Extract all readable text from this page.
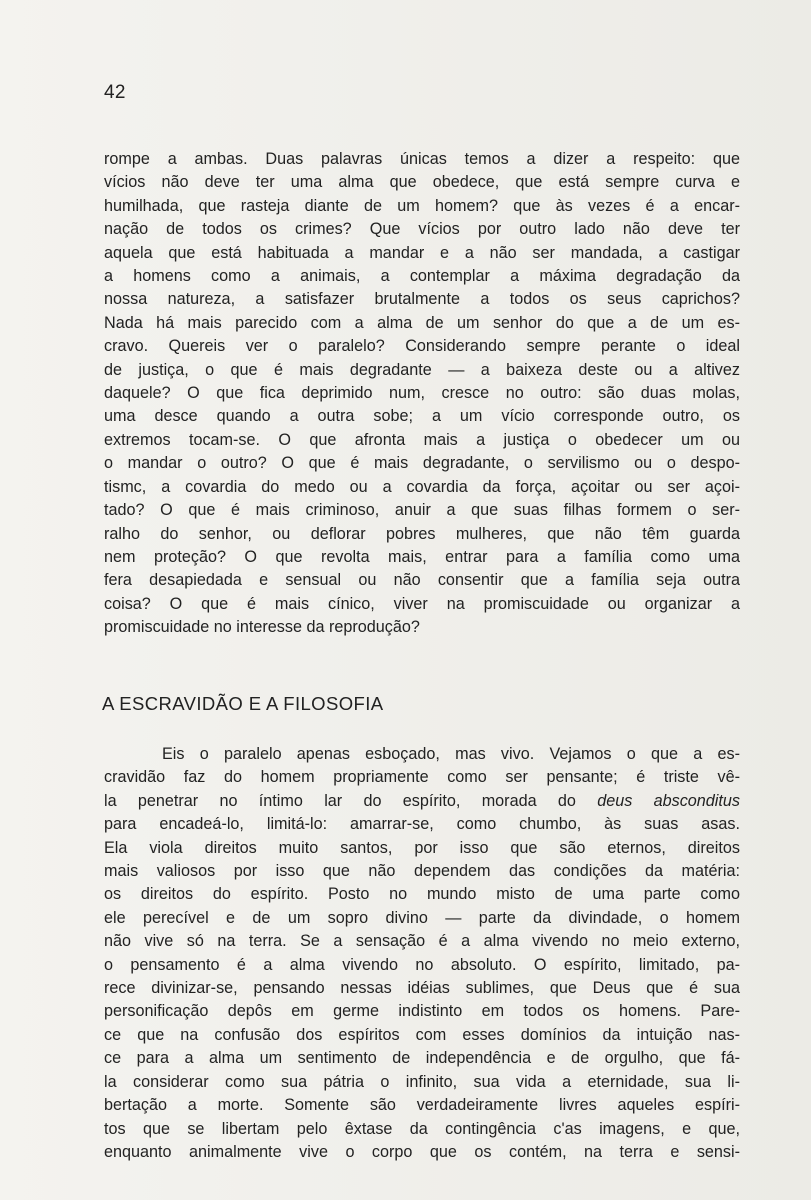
42
rompe a ambas. Duas palavras únicas temos a dizer a respeito: que
vícios não deve ter uma alma que obedece, que está sempre curva e
humilhada, que rasteja diante de um homem? que às vezes é a encar-
nação de todos os crimes? Que vícios por outro lado não deve ter
aquela que está habituada a mandar e a não ser mandada, a castigar
a homens como a animais, a contemplar a máxima degradação da
nossa natureza, a satisfazer brutalmente a todos os seus caprichos?
Nada há mais parecido com a alma de um senhor do que a de um es-
cravo. Quereis ver o paralelo? Considerando sempre perante o ideal
de justiça, o que é mais degradante — a baixeza deste ou a altivez
daquele? O que fica deprimido num, cresce no outro: são duas molas,
uma desce quando a outra sobe; a um vício corresponde outro, os
extremos tocam-se. O que afronta mais a justiça o obedecer um ou
o mandar o outro? O que é mais degradante, o servilismo ou o despo-
tismc, a covardia do medo ou a covardia da força, açoitar ou ser açoi-
tado? O que é mais criminoso, anuir a que suas filhas formem o ser-
ralho do senhor, ou deflorar pobres mulheres, que não têm guarda
nem proteção? O que revolta mais, entrar para a família como uma
fera desapiedada e sensual ou não consentir que a família seja outra
coisa? O que é mais cínico, viver na promiscuidade ou organizar a
promiscuidade no interesse da reprodução?
A ESCRAVIDÃO E A FILOSOFIA
Eis o paralelo apenas esboçado, mas vivo. Vejamos o que a es-
cravidão faz do homem propriamente como ser pensante; é triste vê-
la penetrar no íntimo lar do espírito, morada do deus absconditus
para encadeá-lo, limitá-lo: amarrar-se, como chumbo, às suas asas.
Ela viola direitos muito santos, por isso que são eternos, direitos
mais valiosos por isso que não dependem das condições da matéria:
os direitos do espírito. Posto no mundo misto de uma parte como
ele perecível e de um sopro divino — parte da divindade, o homem
não vive só na terra. Se a sensação é a alma vivendo no meio externo,
o pensamento é a alma vivendo no absoluto. O espírito, limitado, pa-
rece divinizar-se, pensando nessas idéias sublimes, que Deus que é sua
personificação depôs em germe indistinto em todos os homens. Pare-
ce que na confusão dos espíritos com esses domínios da intuição nas-
ce para a alma um sentimento de independência e de orgulho, que fá-
la considerar como sua pátria o infinito, sua vida a eternidade, sua li-
bertação a morte. Somente são verdadeiramente livres aqueles espíri-
tos que se libertam pelo êxtase da contingência c'as imagens, e que,
enquanto animalmente vive o corpo que os contém, na terra e sensi-
